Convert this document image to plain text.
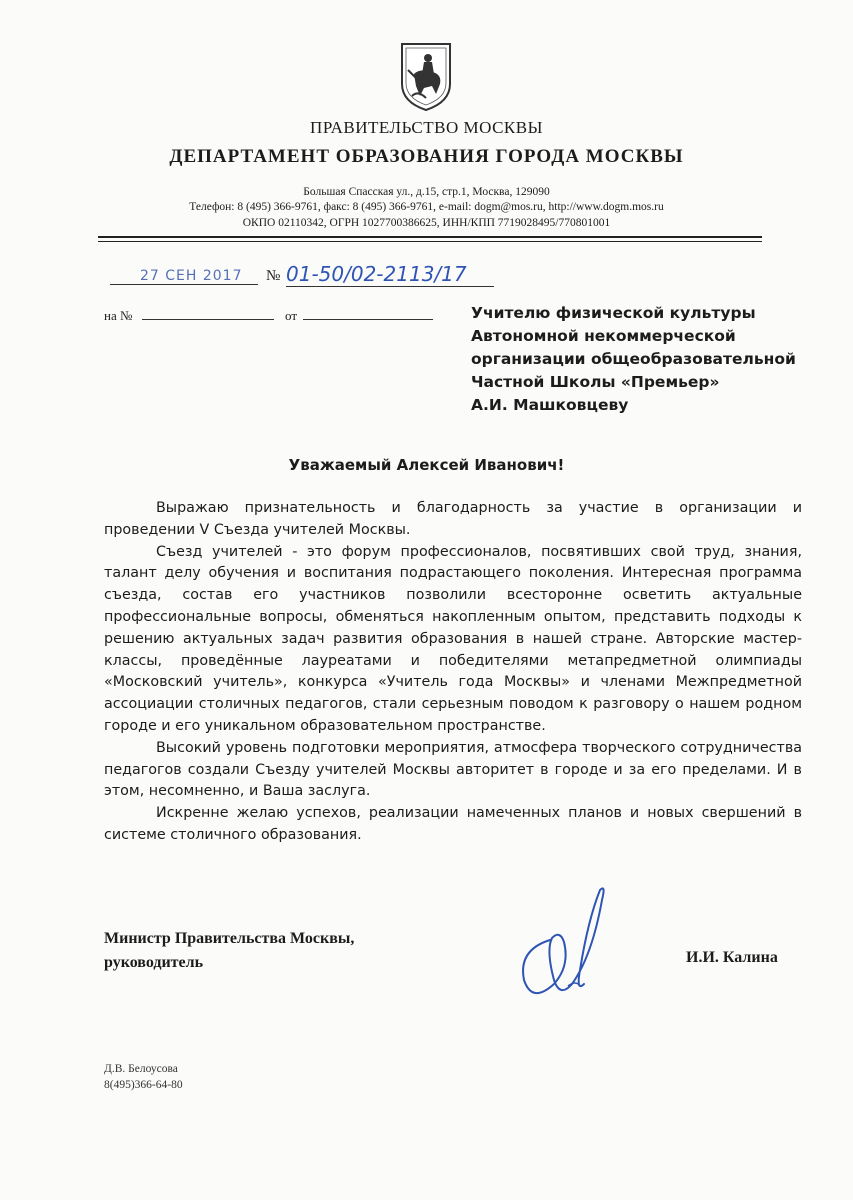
ПРАВИТЕЛЬСТВО МОСКВЫ
ДЕПАРТАМЕНТ ОБРАЗОВАНИЯ ГОРОДА МОСКВЫ
Большая Спасская ул., д.15, стр.1, Москва, 129090
Телефон: 8 (495) 366-9761, факс: 8 (495) 366-9761, e-mail: dogm@mos.ru, http://www.dogm.mos.ru
ОКПО 02110342, ОГРН 1027700386625, ИНН/КПП 7719028495/770801001
27 СЕН 2017	№ 01-50/02-2113/17
на №	от	Учителю физической культуры
Автономной некоммерческой
организации общеобразовательной
Частной Школы «Премьер»
А.И. Машковцеву
Уважаемый Алексей Иванович!

Выражаю признательность и благодарность за участие в организации и проведении V Съезда учителей Москвы.

Съезд учителей - это форум профессионалов, посвятивших свой труд, знания, талант делу обучения и воспитания подрастающего поколения. Интересная программа съезда, состав его участников позволили всесторонне осветить актуальные профессиональные вопросы, обменяться накопленным опытом, представить подходы к решению актуальных задач развития образования в нашей стране. Авторские мастер-классы, проведённые лауреатами и победителями метапредметной олимпиады «Московский учитель», конкурса «Учитель года Москвы» и членами Межпредметной ассоциации столичных педагогов, стали серьезным поводом к разговору о нашем родном городе и его уникальном образовательном пространстве.

Высокий уровень подготовки мероприятия, атмосфера творческого сотрудничества педагогов создали Съезду учителей Москвы авторитет в городе и за его пределами. И в этом, несомненно, и Ваша заслуга.

Искренне желаю успехов, реализации намеченных планов и новых свершений в системе столичного образования.

Министр Правительства Москвы,
руководитель	И.И. Калина
Д.В. Белоусова
8(495)366-64-80
